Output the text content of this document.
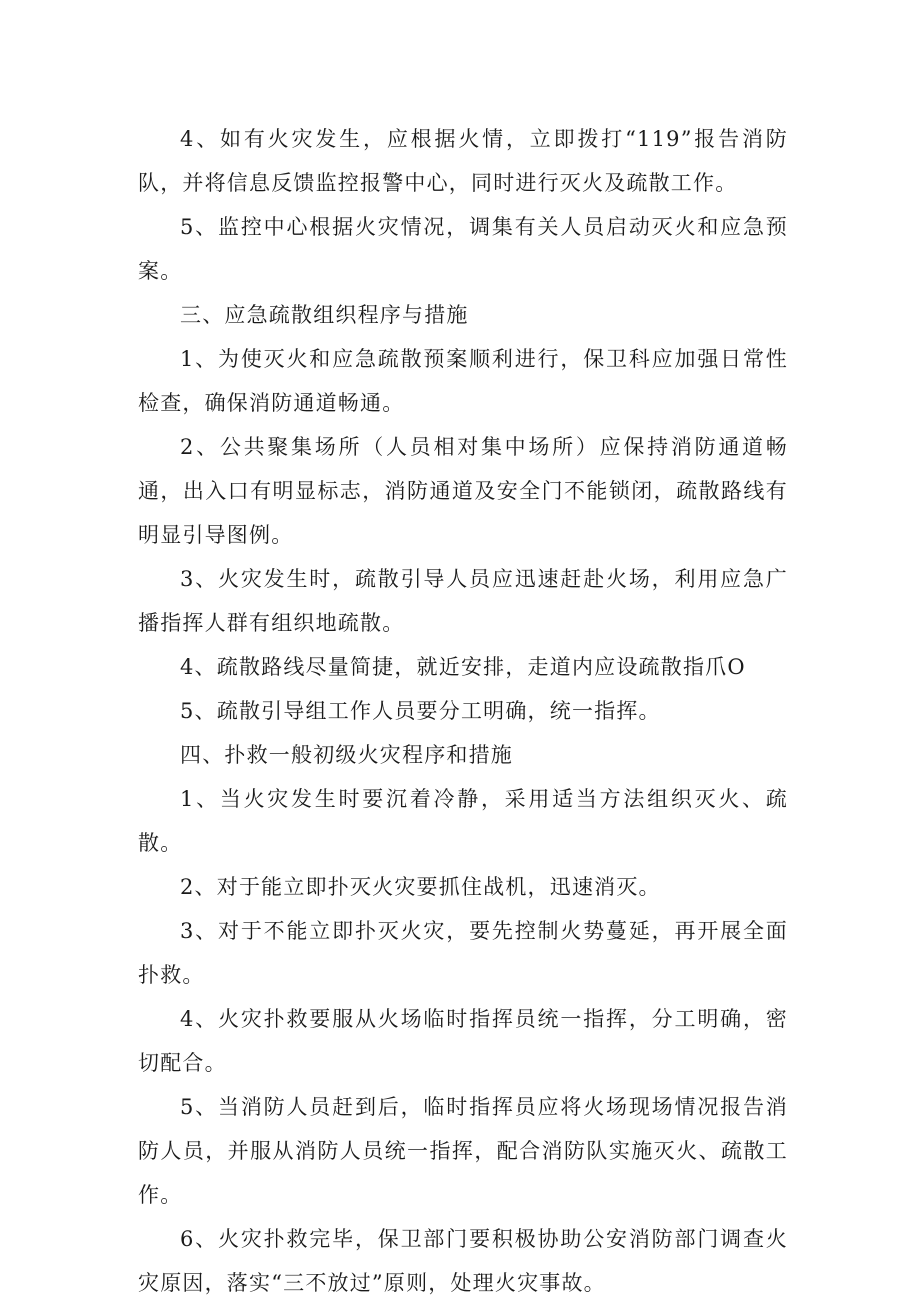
4、如有火灾发生，应根据火情，立即拨打“119”报告消防队，并将信息反馈监控报警中心，同时进行灭火及疏散工作。

5、监控中心根据火灾情况，调集有关人员启动灭火和应急预案。

三、应急疏散组织程序与措施

1、为使灭火和应急疏散预案顺利进行，保卫科应加强日常性检查，确保消防通道畅通。

2、公共聚集场所（人员相对集中场所）应保持消防通道畅通，出入口有明显标志，消防通道及安全门不能锁闭，疏散路线有明显引导图例。

3、火灾发生时，疏散引导人员应迅速赶赴火场，利用应急广播指挥人群有组织地疏散。

4、疏散路线尽量简捷，就近安排，走道内应设疏散指爪O

5、疏散引导组工作人员要分工明确，统一指挥。

四、扑救一般初级火灾程序和措施

1、当火灾发生时要沉着冷静，采用适当方法组织灭火、疏散。

2、对于能立即扑灭火灾要抓住战机，迅速消灭。

3、对于不能立即扑灭火灾，要先控制火势蔓延，再开展全面扑救。

4、火灾扑救要服从火场临时指挥员统一指挥，分工明确，密切配合。

5、当消防人员赶到后，临时指挥员应将火场现场情况报告消防人员，并服从消防人员统一指挥，配合消防队实施灭火、疏散工作。

6、火灾扑救完毕，保卫部门要积极协助公安消防部门调查火灾原因，落实“三不放过”原则，处理火灾事故。
